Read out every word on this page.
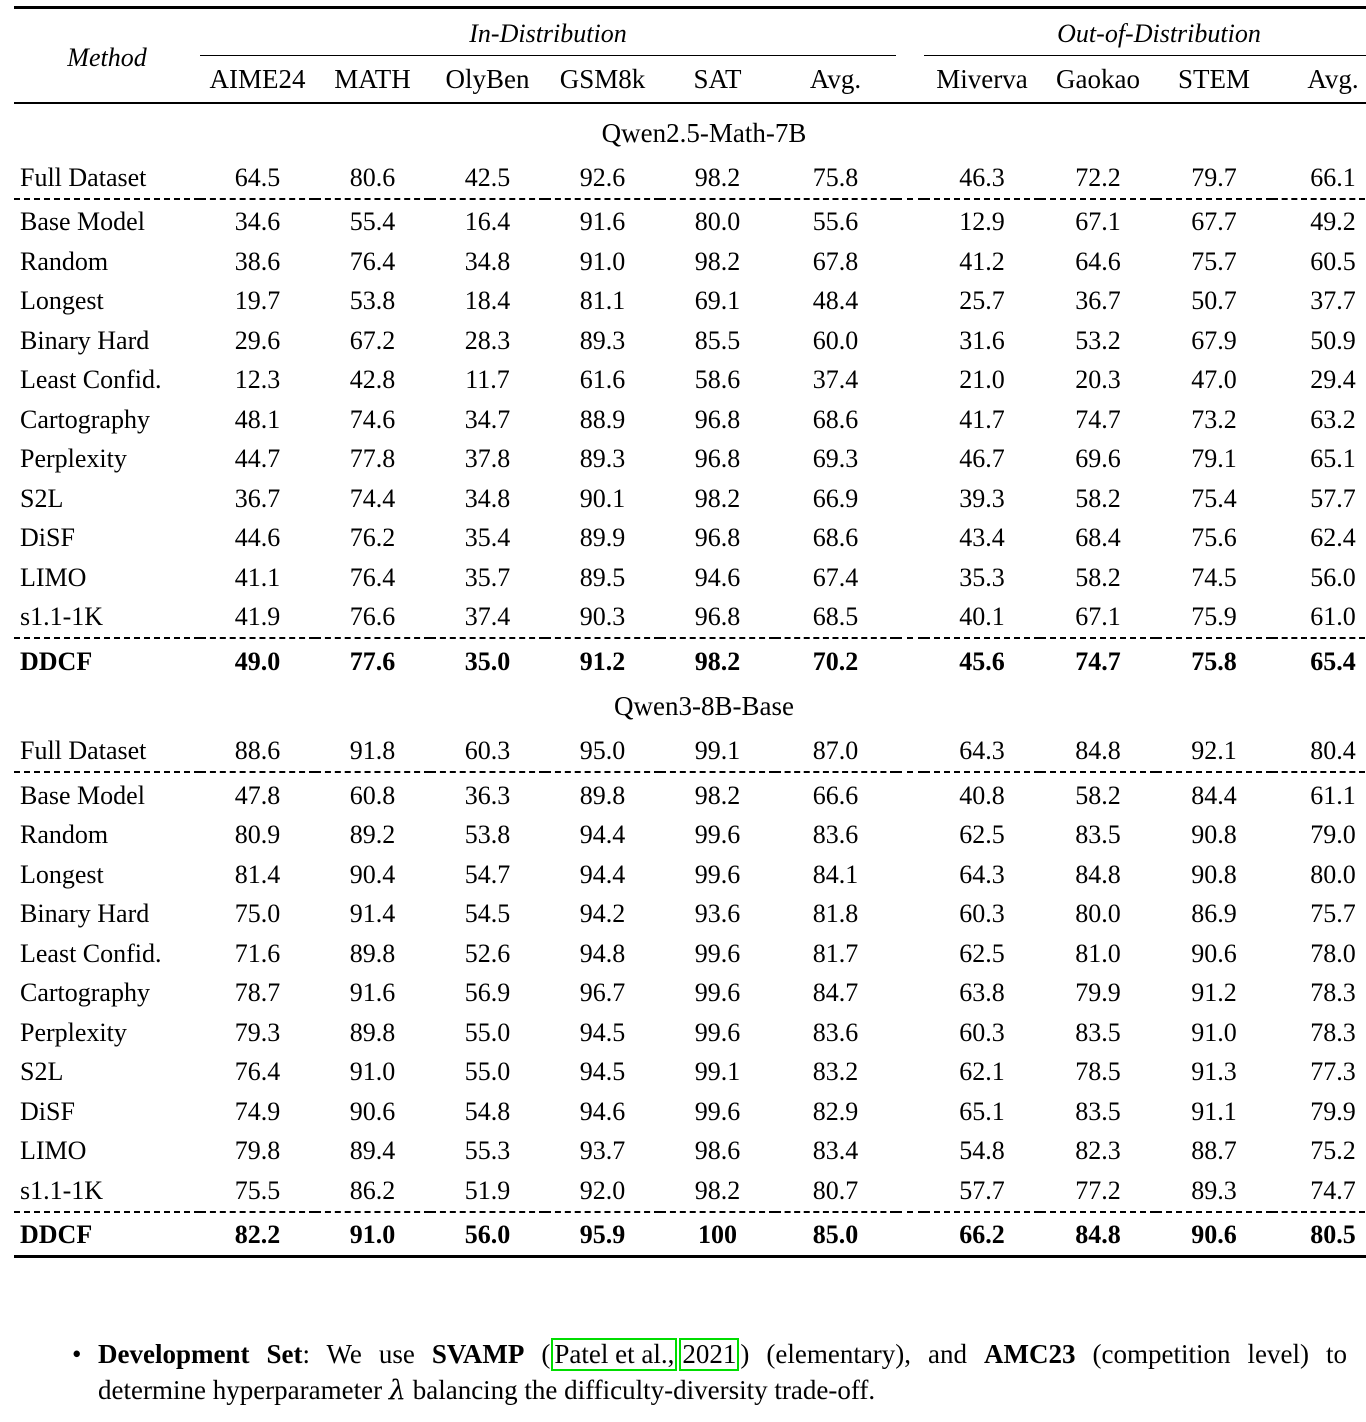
Method	In-Distribution							Out-of-Distribution			

	AIME24	MATH	OlyBen	GSM8k	SAT	Avg.		Miverva	Gaokao	STEM	Avg.

Qwen2.5-Math-7B											
Full Dataset	64.5	80.6	42.5	92.6	98.2	75.8		46.3	72.2	79.7	66.1

Base Model	34.6	55.4	16.4	91.6	80.0	55.6		12.9	67.1	67.7	49.2
Random	38.6	76.4	34.8	91.0	98.2	67.8		41.2	64.6	75.7	60.5
Longest	19.7	53.8	18.4	81.1	69.1	48.4		25.7	36.7	50.7	37.7
Binary Hard	29.6	67.2	28.3	89.3	85.5	60.0		31.6	53.2	67.9	50.9
Least Confid.	12.3	42.8	11.7	61.6	58.6	37.4		21.0	20.3	47.0	29.4
Cartography	48.1	74.6	34.7	88.9	96.8	68.6		41.7	74.7	73.2	63.2
Perplexity	44.7	77.8	37.8	89.3	96.8	69.3		46.7	69.6	79.1	65.1
S2L	36.7	74.4	34.8	90.1	98.2	66.9		39.3	58.2	75.4	57.7
DiSF	44.6	76.2	35.4	89.9	96.8	68.6		43.4	68.4	75.6	62.4
LIMO	41.1	76.4	35.7	89.5	94.6	67.4		35.3	58.2	74.5	56.0
s1.1-1K	41.9	76.6	37.4	90.3	96.8	68.5		40.1	67.1	75.9	61.0

DDCF	49.0	77.6	35.0	91.2	98.2	70.2		45.6	74.7	75.8	65.4
Qwen3-8B-Base											
Full Dataset	88.6	91.8	60.3	95.0	99.1	87.0		64.3	84.8	92.1	80.4

Base Model	47.8	60.8	36.3	89.8	98.2	66.6		40.8	58.2	84.4	61.1
Random	80.9	89.2	53.8	94.4	99.6	83.6		62.5	83.5	90.8	79.0
Longest	81.4	90.4	54.7	94.4	99.6	84.1		64.3	84.8	90.8	80.0
Binary Hard	75.0	91.4	54.5	94.2	93.6	81.8		60.3	80.0	86.9	75.7
Least Confid.	71.6	89.8	52.6	94.8	99.6	81.7		62.5	81.0	90.6	78.0
Cartography	78.7	91.6	56.9	96.7	99.6	84.7		63.8	79.9	91.2	78.3
Perplexity	79.3	89.8	55.0	94.5	99.6	83.6		60.3	83.5	91.0	78.3
S2L	76.4	91.0	55.0	94.5	99.1	83.2		62.1	78.5	91.3	77.3
DiSF	74.9	90.6	54.8	94.6	99.6	82.9		65.1	83.5	91.1	79.9
LIMO	79.8	89.4	55.3	93.7	98.6	83.4		54.8	82.3	88.7	75.2
s1.1-1K	75.5	86.2	51.9	92.0	98.2	80.7		57.7	77.2	89.3	74.7

DDCF	82.2	91.0	56.0	95.9	100	85.0		66.2	84.8	90.6	80.5

• Development Set: We use SVAMP ( Patel et al., 2021 ) (elementary), and AMC23 (competition level) to determine hyperparameter λ balancing the difficulty-diversity trade-off.
